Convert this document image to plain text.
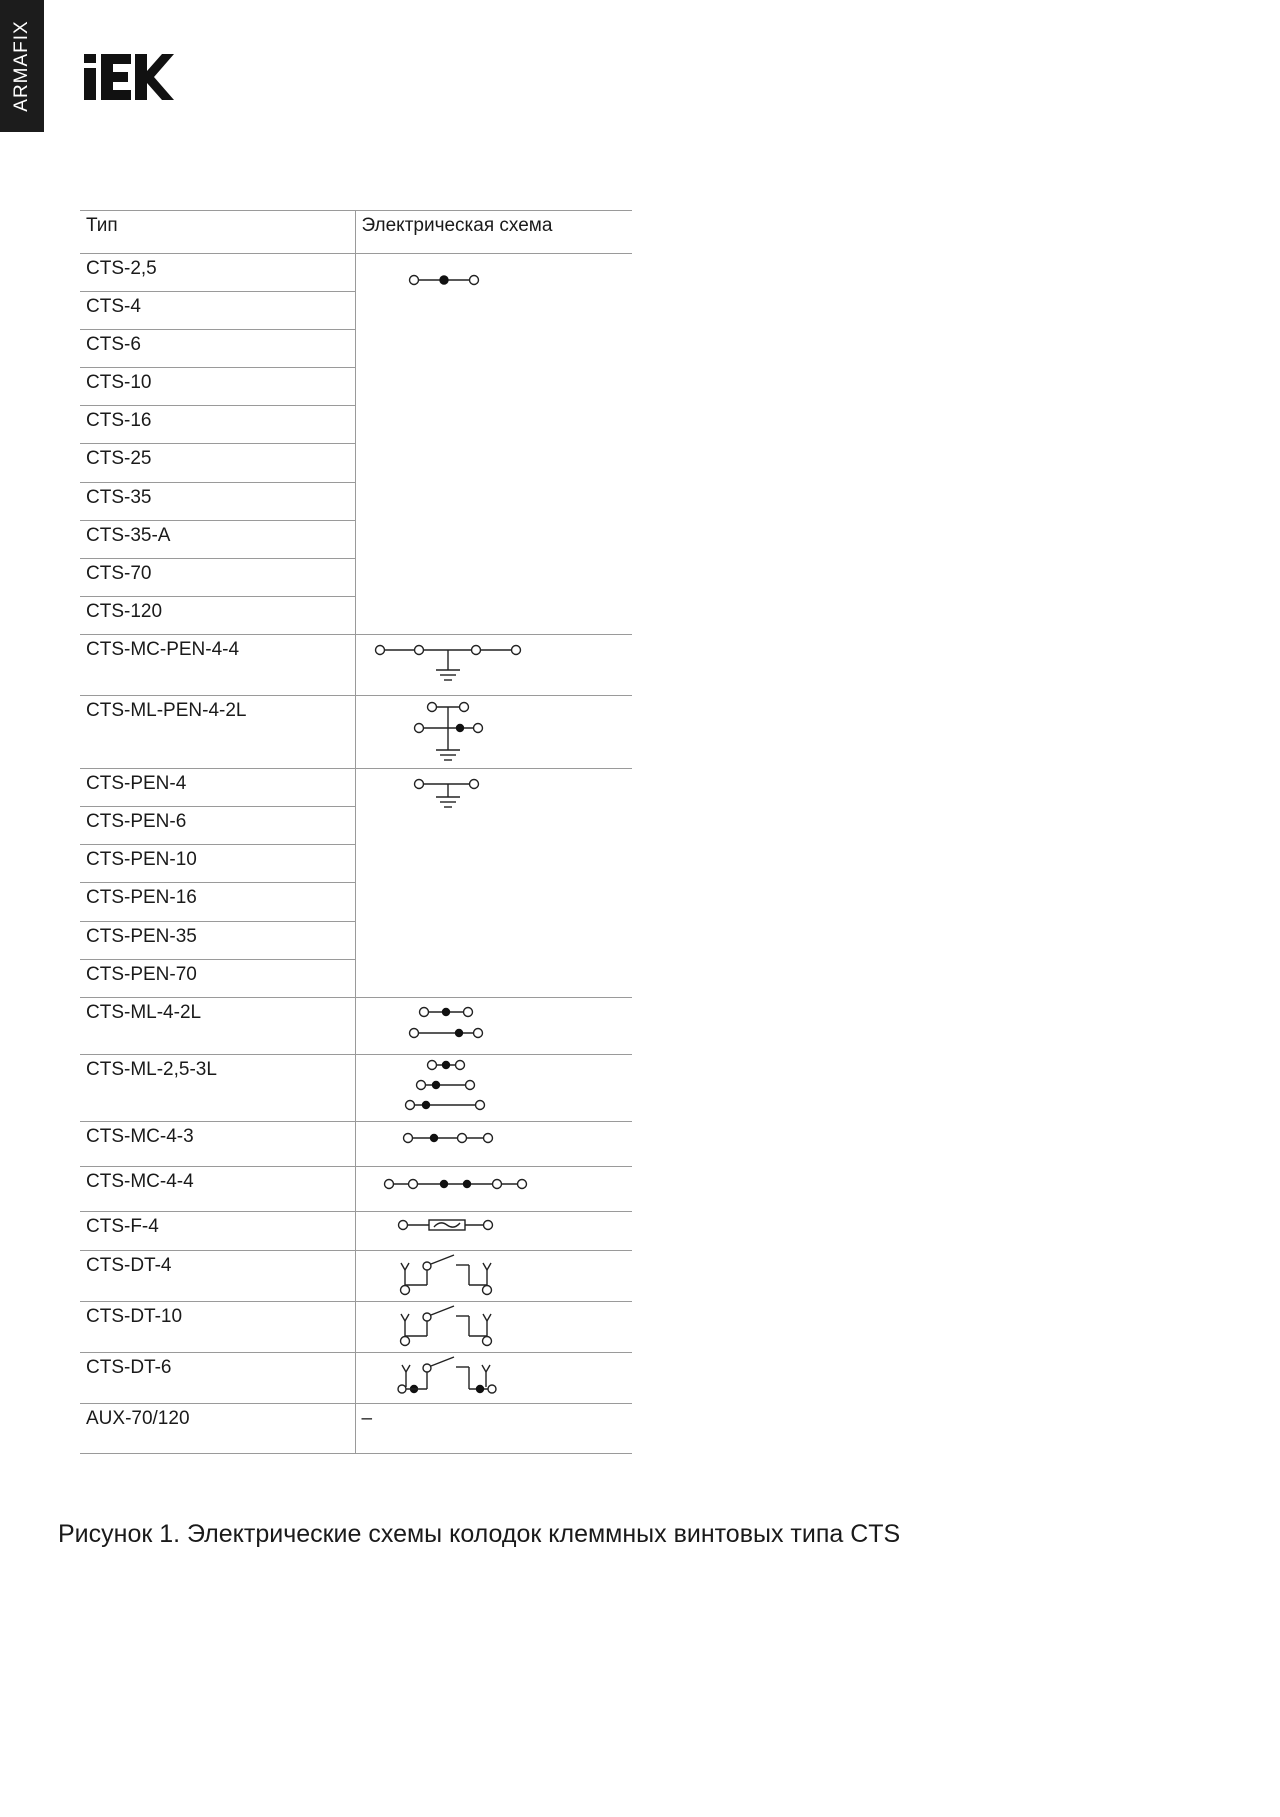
ARMAFIX
Тип	Электрическая схема
CTS-2,5	

CTS-4	
CTS-6	
CTS-10	
CTS-16	
CTS-25	
CTS-35	
CTS-35-A	
CTS-70	
CTS-120	
CTS-MC-PEN-4-4	

CTS-ML-PEN-4-2L	

CTS-PEN-4	

CTS-PEN-6	
CTS-PEN-10	
CTS-PEN-16	
CTS-PEN-35	
CTS-PEN-70	
CTS-ML-4-2L	

CTS-ML-2,5-3L	

CTS-MC-4-3	

CTS-MC-4-4	

CTS-F-4	

CTS-DT-4	

CTS-DT-10	

CTS-DT-6	

AUX-70/120	–
Рисунок 1. Электрические схемы колодок клеммных винтовых типа CTS
